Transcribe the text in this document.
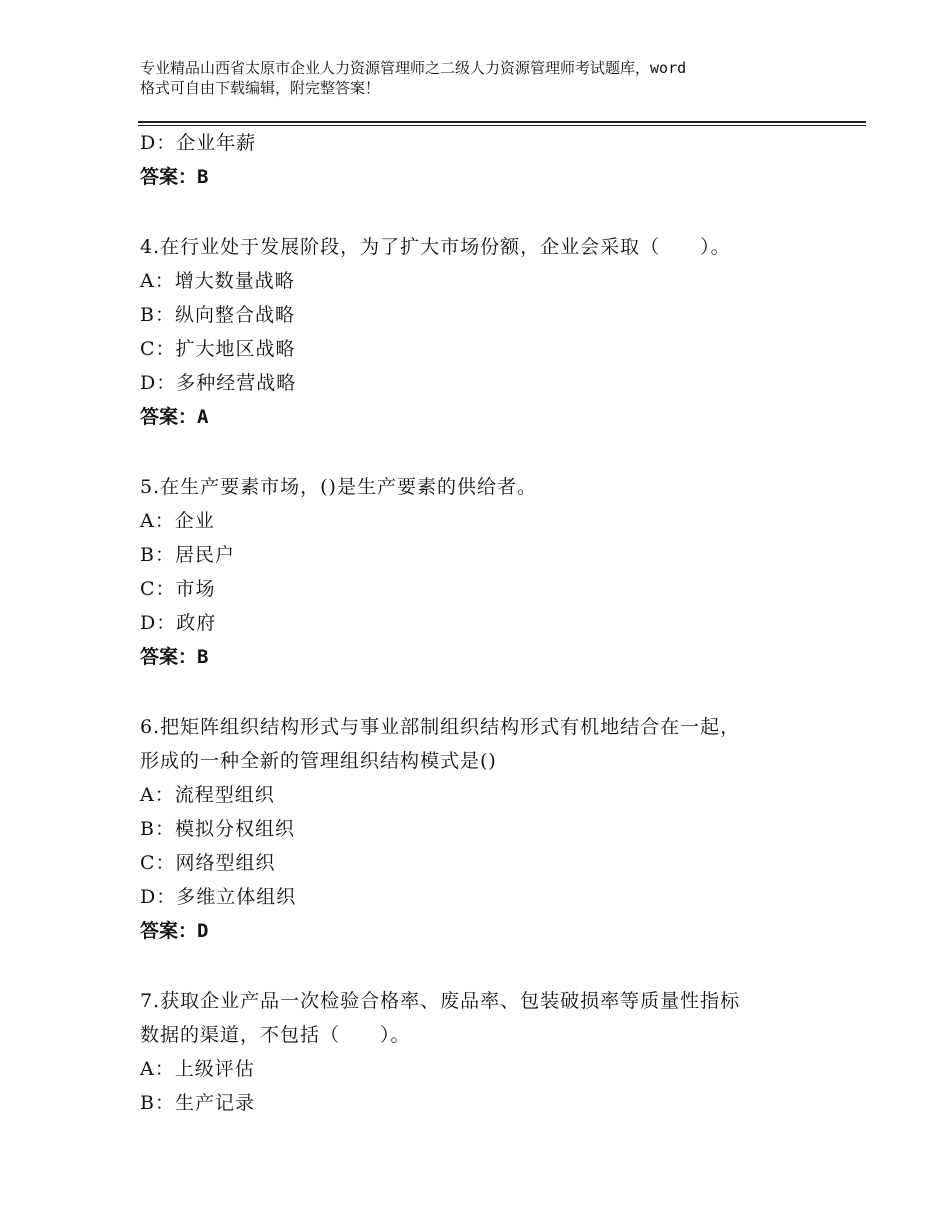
专业精品山西省太原市企业人力资源管理师之二级人力资源管理师考试题库，word
格式可自由下载编辑，附完整答案！
D：企业年薪
答案：B
4.在行业处于发展阶段，为了扩大市场份额，企业会采取（　　）。
A：增大数量战略
B：纵向整合战略
C：扩大地区战略
D：多种经营战略
答案：A
5.在生产要素市场，()是生产要素的供给者。
A：企业
B：居民户
C：市场
D：政府
答案：B
6.把矩阵组织结构形式与事业部制组织结构形式有机地结合在一起，
形成的一种全新的管理组织结构模式是()
A：流程型组织
B：模拟分权组织
C：网络型组织
D：多维立体组织
答案：D
7.获取企业产品一次检验合格率、废品率、包装破损率等质量性指标
数据的渠道，不包括（　　）。
A：上级评估
B：生产记录
